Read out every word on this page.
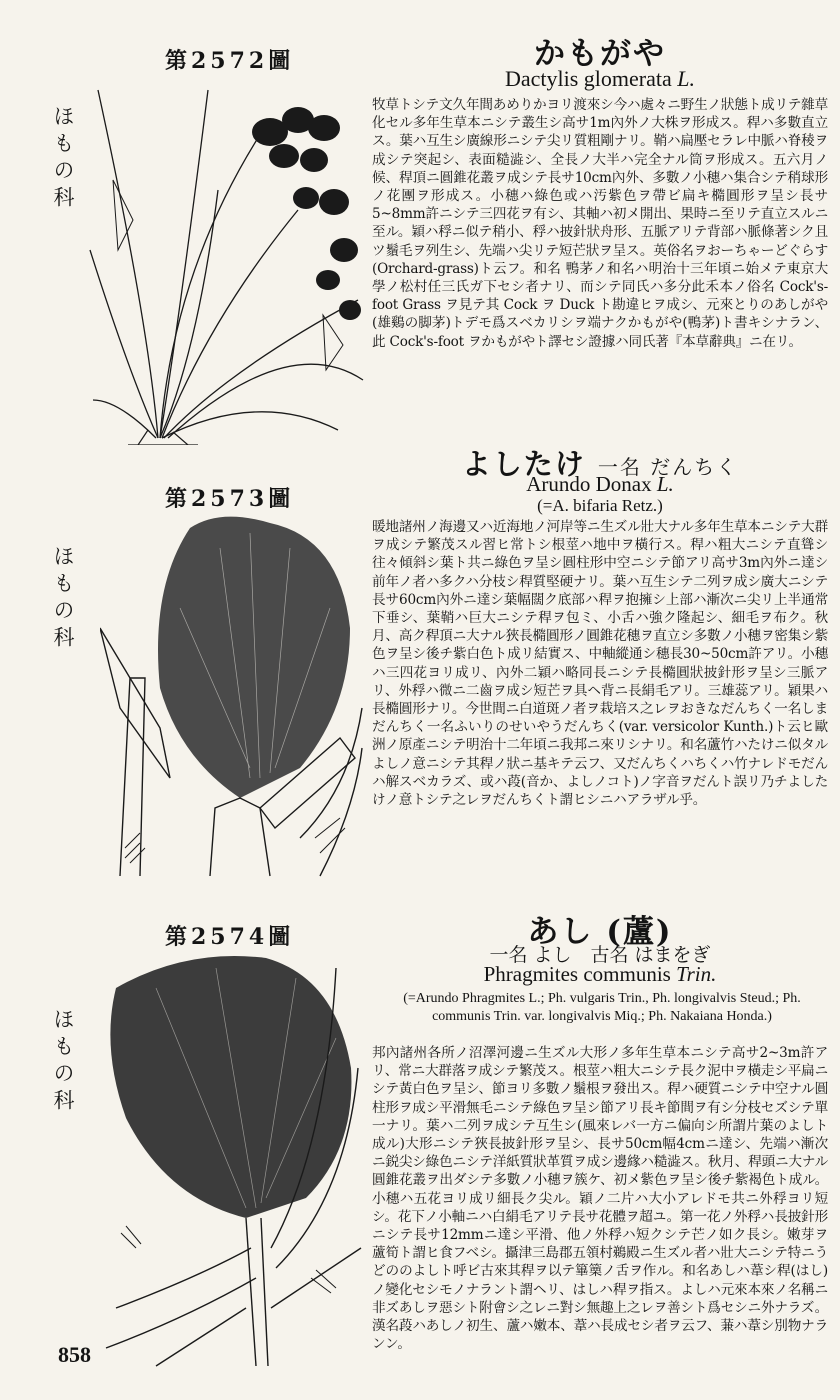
第2572圖
ほもの科
かもがや
Dactylis glomerata L.
牧草トシテ文久年間あめりかヨリ渡來シ今ハ處々ニ野生ノ狀態ト成リテ雜草化セル多年生草本ニシテ叢生シ高サ1m內外ノ大株ヲ形成ス。稈ハ多數直立ス。葉ハ互生シ廣線形ニシテ尖リ質粗剛ナリ。鞘ハ扁壓セラレ中脈ハ脊稜ヲ成シテ突起シ、表面糙澁シ、全長ノ大半ハ完全ナル筒ヲ形成ス。五六月ノ候、稈頂ニ圓錐花叢ヲ成シテ長サ10cm內外、多數ノ小穗ハ集合シテ稍球形ノ花團ヲ形成ス。小穗ハ綠色或ハ汚紫色ヲ帶ビ扁キ橢圓形ヲ呈シ長サ5~8mm許ニシテ三四花ヲ有シ、其軸ハ初メ開出、果時ニ至リテ直立スルニ至ル。穎ハ稃ニ似テ稍小、稃ハ披針狀舟形、五脈アリテ背部ハ脈條著シク且ツ鬚毛ヲ列生シ、先端ハ尖リテ短芒狀ヲ呈ス。英俗名ヲおーちゃーどぐらす(Orchard-grass)ト云フ。和名 鴨茅ノ和名ハ明治十三年頃ニ始メテ東京大學ノ松村任三氏ガ下セシ者ナリ、而シテ同氏ハ多分此禾本ノ俗名 Cock's-foot Grass ヲ見テ其 Cock ヲ Duck ト勘違ヒヲ成シ、元來とりのあしがや(雄鷄の脚茅)トデモ爲スベカリシヲ端ナクかもがや(鴨茅)ト書キシナラン、此 Cock's-foot ヲかもがやト譯セシ證據ハ同氏著『本草辭典』ニ在リ。
よしたけ 一名 だんちく
Arundo Donax L.
(=A. bifaria Retz.)
第2573圖
ほもの科
暖地諸州ノ海邊又ハ近海地ノ河岸等ニ生ズル壯大ナル多年生草本ニシテ大群ヲ成シテ繁茂スル習ヒ常トシ根莖ハ地中ヲ橫行ス。稈ハ粗大ニシテ直聳シ往々傾斜シ葉ト共ニ綠色ヲ呈シ圓柱形中空ニシテ節アリ高サ3m內外ニ達シ前年ノ者ハ多クハ分枝シ稈質堅硬ナリ。葉ハ互生シテ二列ヲ成シ廣大ニシテ長サ60cm內外ニ達シ葉幅闊ク底部ハ稈ヲ抱擁シ上部ハ漸次ニ尖リ上半通常下垂シ、葉鞘ハ巨大ニシテ稈ヲ包ミ、小舌ハ強ク隆起シ、細毛ヲ布ク。秋月、高ク稈頂ニ大ナル狹長橢圓形ノ圓錐花穗ヲ直立シ多數ノ小穗ヲ密集シ紫色ヲ呈シ後チ紫白色ト成リ結實ス、中軸縱通シ穗長30~50cm許アリ。小穗ハ三四花ヨリ成リ、內外二穎ハ略同長ニシテ長橢圓狀披針形ヲ呈シ三脈アリ、外稃ハ微ニ二齒ヲ成シ短芒ヲ具ヘ背ニ長絹毛アリ。三雄蕊アリ。穎果ハ長橢圓形ナリ。今世間ニ白道斑ノ者ヲ栽培ス之レヲおきなだんちく一名しまだんちく一名ふいりのせいやうだんちく(var. versicolor Kunth.)ト云ヒ歐洲ノ原產ニシテ明治十二年頃ニ我邦ニ來リシナリ。和名蘆竹ハたけニ似タルよしノ意ニシテ其稈ノ狀ニ基キテ云フ、又だんちくハちくハ竹ナレドモだんハ解スベカラズ、或ハ葮(音か、よしノコト)ノ字音ヲだんト誤リ乃チよしたけノ意トシテ之レヲだんちくト謂ヒシニハアラザル乎。
あし (蘆)
一名 よし　古名 はまをぎ
Phragmites communis Trin.
(=Arundo Phragmites L.; Ph. vulgaris Trin., Ph. longivalvis Steud.; Ph. communis Trin. var. longivalvis Miq.; Ph. Nakaiana Honda.)
第2574圖
ほもの科	邦內諸州各所ノ沼澤河邊ニ生ズル大形ノ多年生草本ニシテ高サ2~3m許アリ、常ニ大群落ヲ成シテ繁茂ス。根莖ハ粗大ニシテ長ク泥中ヲ橫走シ平扁ニシテ黃白色ヲ呈シ、節ヨリ多數ノ鬚根ヲ發出ス。稈ハ硬質ニシテ中空ナル圓柱形ヲ成シ平滑無毛ニシテ綠色ヲ呈シ節アリ長キ節間ヲ有シ分枝セズシテ單一ナリ。葉ハ二列ヲ成シテ互生シ(風來レバ一方ニ偏向シ所謂片葉のよしト成ル)大形ニシテ狹長披針形ヲ呈シ、長サ50cm幅4cmニ達シ、先端ハ漸次ニ鋭尖シ綠色ニシテ洋紙質狀革質ヲ成シ邊緣ハ糙澁ス。秋月、稈頭ニ大ナル圓錐花叢ヲ出ダシテ多數ノ小穗ヲ簇ケ、初メ紫色ヲ呈シ後チ紫褐色ト成ル。小穗ハ五花ヨリ成リ細長ク尖ル。穎ノ二片ハ大小アレドモ共ニ外稃ヨリ短シ。花下ノ小軸ニハ白絹毛アリテ長サ花體ヲ超ユ。第一花ノ外稃ハ長披針形ニシテ長サ12mmニ達シ平滑、他ノ外稃ハ短クシテ芒ノ如ク長シ。嫩芽ヲ蘆筍ト謂ヒ食フベシ。攝津三島郡五領村鵜殿ニ生ズル者ハ壯大ニシテ特ニうどののよしト呼ビ古來其稈ヲ以テ篳篥ノ舌ヲ作ル。和名あしハ葦シ稈(はし)ノ變化セシモノナラント謂ヘリ、はしハ稈ヲ指ス。よしハ元來本來ノ名稱ニ非ズあしヲ惡シト附會シ之レニ對シ無趣上之レヲ善シト爲セシニ外ナラズ。漢名葮ハあしノ初生、蘆ハ嫩本、葦ハ長成セシ者ヲ云フ、蒹ハ葦シ別物ナランン。
858
